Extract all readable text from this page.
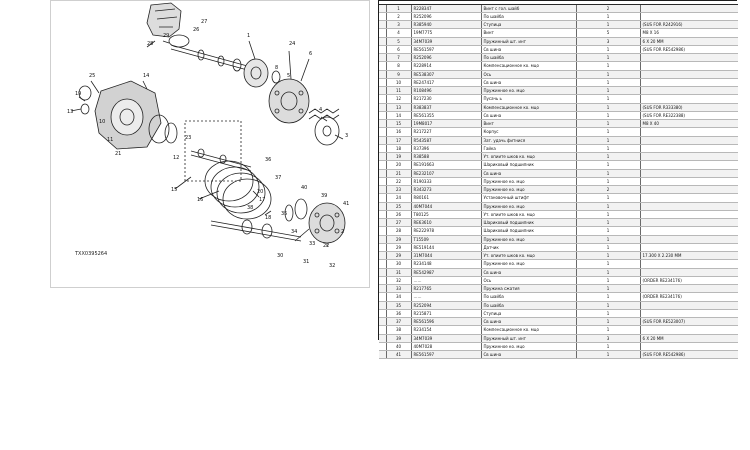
25
19
13
14
29
28
27
26
15
16	17
18
12
20
22
24
1
6
8
5
4
3
2
39
40
37
38
36
35
34
41
33
32
31
30
21
10
11	23
TXX0395264

	1	R228347	Винт с гол. шайб	2	
	2	R252096	По шайба	1	
	3	R385940	Ступица	1	(SUS FOR R242916)
	4	19M7775	Винт	5	M8 X 16
	5	34M7039	Пружинный шт. инт	3	6 X 20 MM
	6	RE561597	Св шина	1	(SUS FOR RE542986)
	7	R252096	По шайба	1	
	8	R228914	Компенсационное ко. мцо	1	
	9	RE538307	Ось	1	
	10	RE247417	Св шина	1	
	11	R108496	Пружинное ко. мцо	1	
	12	R217230	Пусачь ь	1	
	13	R383837	Компенсационное ко. мцо	1	(SUS FOR R333380)
	14	RE561355	Св шина	1	(SUS FOR RE322388)
	15	19M8017	Винт	1	M8 X 40
	16	R217227	Корпус	1	
	17	R543587	Зат. удачь фитнися	1	
	18	R37396	Гайка	1	
	19	R38588	Ут. опиите шков ко. мцо	1	
	20	RE191663	Шариковый подшипник	1	
	21	RE232107	Св шина	1	
	22	R190333	Пружинное ко. мцо	1	
	23	R343273	Пружинное ко. мцо	2	
	24	R80161	Установочный штифт	1	
	25	40M7044	Пружинное ко. мцо	1	
	26	T80125	Ут. опиите шков ко. мцо	1	
	27	RE63610	Шариковый подшипник	1	
	28	RE222978	Шариковый подшипник	1	
	29	T15509	Пружинное ко. мцо	1	
	29	RE519144	Датчик	1	
	29	31M7044	Ут. опиите шков ко. мцо	1	17.300 X 2.230 MM
	30	R234148	Пружинное ко. мцо	1	
	31	RE542987	Св шина	1	
	32	……	Ось	1	(ORDER RE234176)
	33	R217765	Пружина сжатия	1	
	34	……	По шайба	1	(ORDER RE234176)
	35	R252094	По шайба	1	
	36	R215871	Ступица	1	
	37	RE561596	Св шина	1	(SUS FOR RE523007)
	38	R234154	Компенсационное ко. мцо	1	
	39	34M7039	Пружинный шт. инт	3	6 X 20 MM
	40	40M7028	Пружинное ко. мцо	1	
	41	RE561597	Св шина	1	(SUS FOR RE542986)
